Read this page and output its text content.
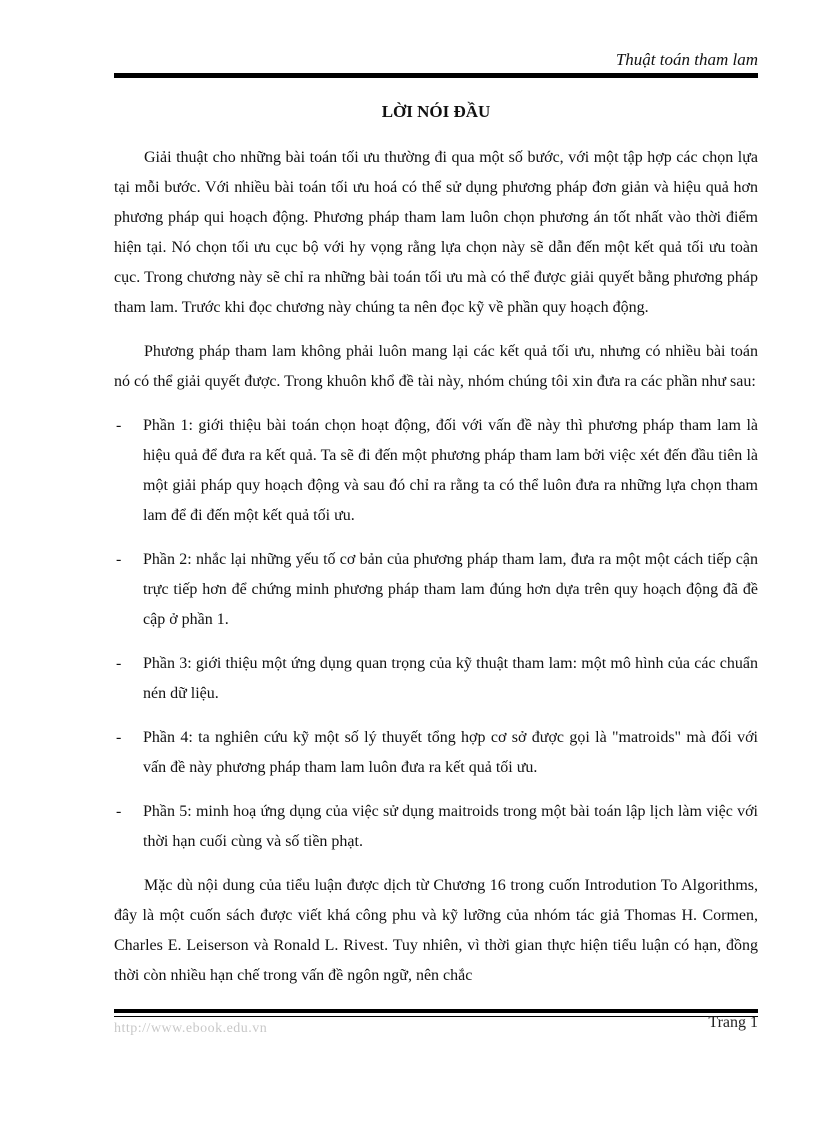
Thuật toán tham lam
LỜI NÓI ĐẦU

Giải thuật cho những bài toán tối ưu thường đi qua một số bước, với một tập hợp các chọn lựa tại mỗi bước. Với nhiều bài toán tối ưu hoá có thể sử dụng phương pháp đơn giản và hiệu quả hơn phương pháp qui hoạch động. Phương pháp tham lam luôn chọn phương án tốt nhất vào thời điểm hiện tại. Nó chọn tối ưu cục bộ với hy vọng rằng lựa chọn này sẽ dẫn đến một kết quả tối ưu toàn cục. Trong chương này sẽ chỉ ra những bài toán tối ưu mà có thể được giải quyết bằng phương pháp tham lam. Trước khi đọc chương này chúng ta nên đọc kỹ về phần quy hoạch động.

Phương pháp tham lam không phải luôn mang lại các kết quả tối ưu, nhưng có nhiều bài toán nó có thể giải quyết được. Trong khuôn khổ đề tài này, nhóm chúng tôi xin đưa ra các phần như sau:

- Phần 1: giới thiệu bài toán chọn hoạt động, đối với vấn đề này thì phương pháp tham lam là hiệu quả để đưa ra kết quả. Ta sẽ đi đến một phương pháp tham lam bởi việc xét đến đầu tiên là một giải pháp quy hoạch động và sau đó chỉ ra rằng ta có thể luôn đưa ra những lựa chọn tham lam để đi đến một kết quả tối ưu.
- Phần 2: nhắc lại những yếu tố cơ bản của phương pháp tham lam, đưa ra một một cách tiếp cận trực tiếp hơn để chứng minh phương pháp tham lam đúng hơn dựa trên quy hoạch động đã đề cập ở phần 1.
- Phần 3: giới thiệu một ứng dụng quan trọng của kỹ thuật tham lam: một mô hình của các chuẩn nén dữ liệu.
- Phần 4: ta nghiên cứu kỹ một số lý thuyết tổng hợp cơ sở được gọi là "matroids" mà đối với vấn đề này phương pháp tham lam luôn đưa ra kết quả tối ưu.
- Phần 5: minh hoạ ứng dụng của việc sử dụng maitroids trong một bài toán lập lịch làm việc với thời hạn cuối cùng và số tiền phạt.

Mặc dù nội dung của tiểu luận được dịch từ Chương 16 trong cuốn Introdution To Algorithms, đây là một cuốn sách được viết khá công phu và kỹ lưỡng của nhóm tác giả Thomas H. Cormen, Charles E. Leiserson và Ronald L. Rivest. Tuy nhiên, vì thời gian thực hiện tiểu luận có hạn, đồng thời còn nhiều hạn chế trong vấn đề ngôn ngữ, nên chắc

http://www.ebook.edu.vn	Trang 1
